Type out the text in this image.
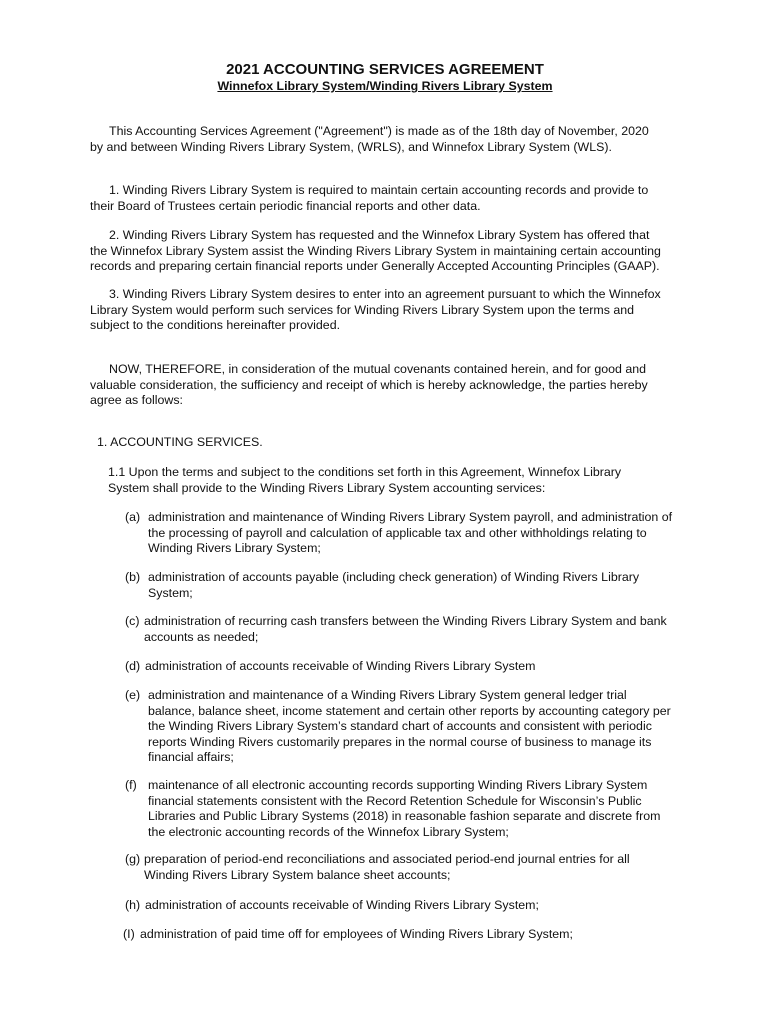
2021 ACCOUNTING SERVICES AGREEMENT
Winnefox Library System/Winding Rivers Library System

This Accounting Services Agreement ("Agreement") is made as of the 18th day of November, 2020 by and between Winding Rivers Library System, (WRLS), and Winnefox Library System (WLS).

1. Winding Rivers Library System is required to maintain certain accounting records and provide to their Board of Trustees certain periodic financial reports and other data.

2. Winding Rivers Library System has requested and the Winnefox Library System has offered that the Winnefox Library System assist the Winding Rivers Library System in maintaining certain accounting records and preparing certain financial reports under Generally Accepted Accounting Principles (GAAP).

3. Winding Rivers Library System desires to enter into an agreement pursuant to which the Winnefox Library System would perform such services for Winding Rivers Library System upon the terms and subject to the conditions hereinafter provided.

NOW, THEREFORE, in consideration of the mutual covenants contained herein, and for good and valuable consideration, the sufficiency and receipt of which is hereby acknowledge, the parties hereby agree as follows:

1. ACCOUNTING SERVICES.

1.1 Upon the terms and subject to the conditions set forth in this Agreement, Winnefox Library System shall provide to the Winding Rivers Library System accounting services:

(a) administration and maintenance of Winding Rivers Library System payroll, and administration of the processing of payroll and calculation of applicable tax and other withholdings relating to Winding Rivers Library System;
(b) administration of accounts payable (including check generation) of Winding Rivers Library System;
(c) administration of recurring cash transfers between the Winding Rivers Library System and bank accounts as needed;
(d) administration of accounts receivable of Winding Rivers Library System
(e) administration and maintenance of a Winding Rivers Library System general ledger trial balance, balance sheet, income statement and certain other reports by accounting category per the Winding Rivers Library System’s standard chart of accounts and consistent with periodic reports Winding Rivers customarily prepares in the normal course of business to manage its financial affairs;
(f) maintenance of all electronic accounting records supporting Winding Rivers Library System financial statements consistent with the Record Retention Schedule for Wisconsin’s Public Libraries and Public Library Systems (2018) in reasonable fashion separate and discrete from the electronic accounting records of the Winnefox Library System;
(g) preparation of period-end reconciliations and associated period-end journal entries for all Winding Rivers Library System balance sheet accounts;
(h) administration of accounts receivable of Winding Rivers Library System;
(I) administration of paid time off for employees of Winding Rivers Library System;
